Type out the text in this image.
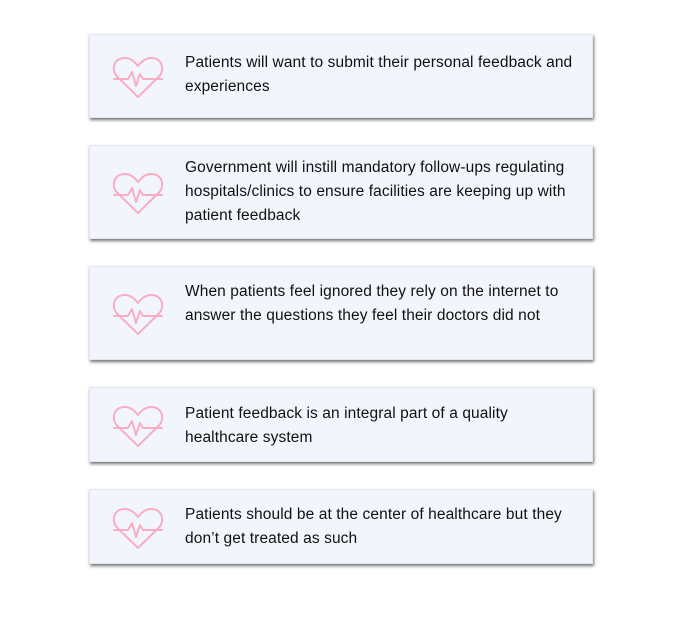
Patients will want to submit their personal feedback and experiences
Government will instill mandatory follow-ups regulating hospitals/clinics to ensure facilities are keeping up with patient feedback
When patients feel ignored they rely on the internet to answer the questions they feel their doctors did not
Patient feedback is an integral part of a quality healthcare system
Patients should be at the center of healthcare but they don’t get treated as such
